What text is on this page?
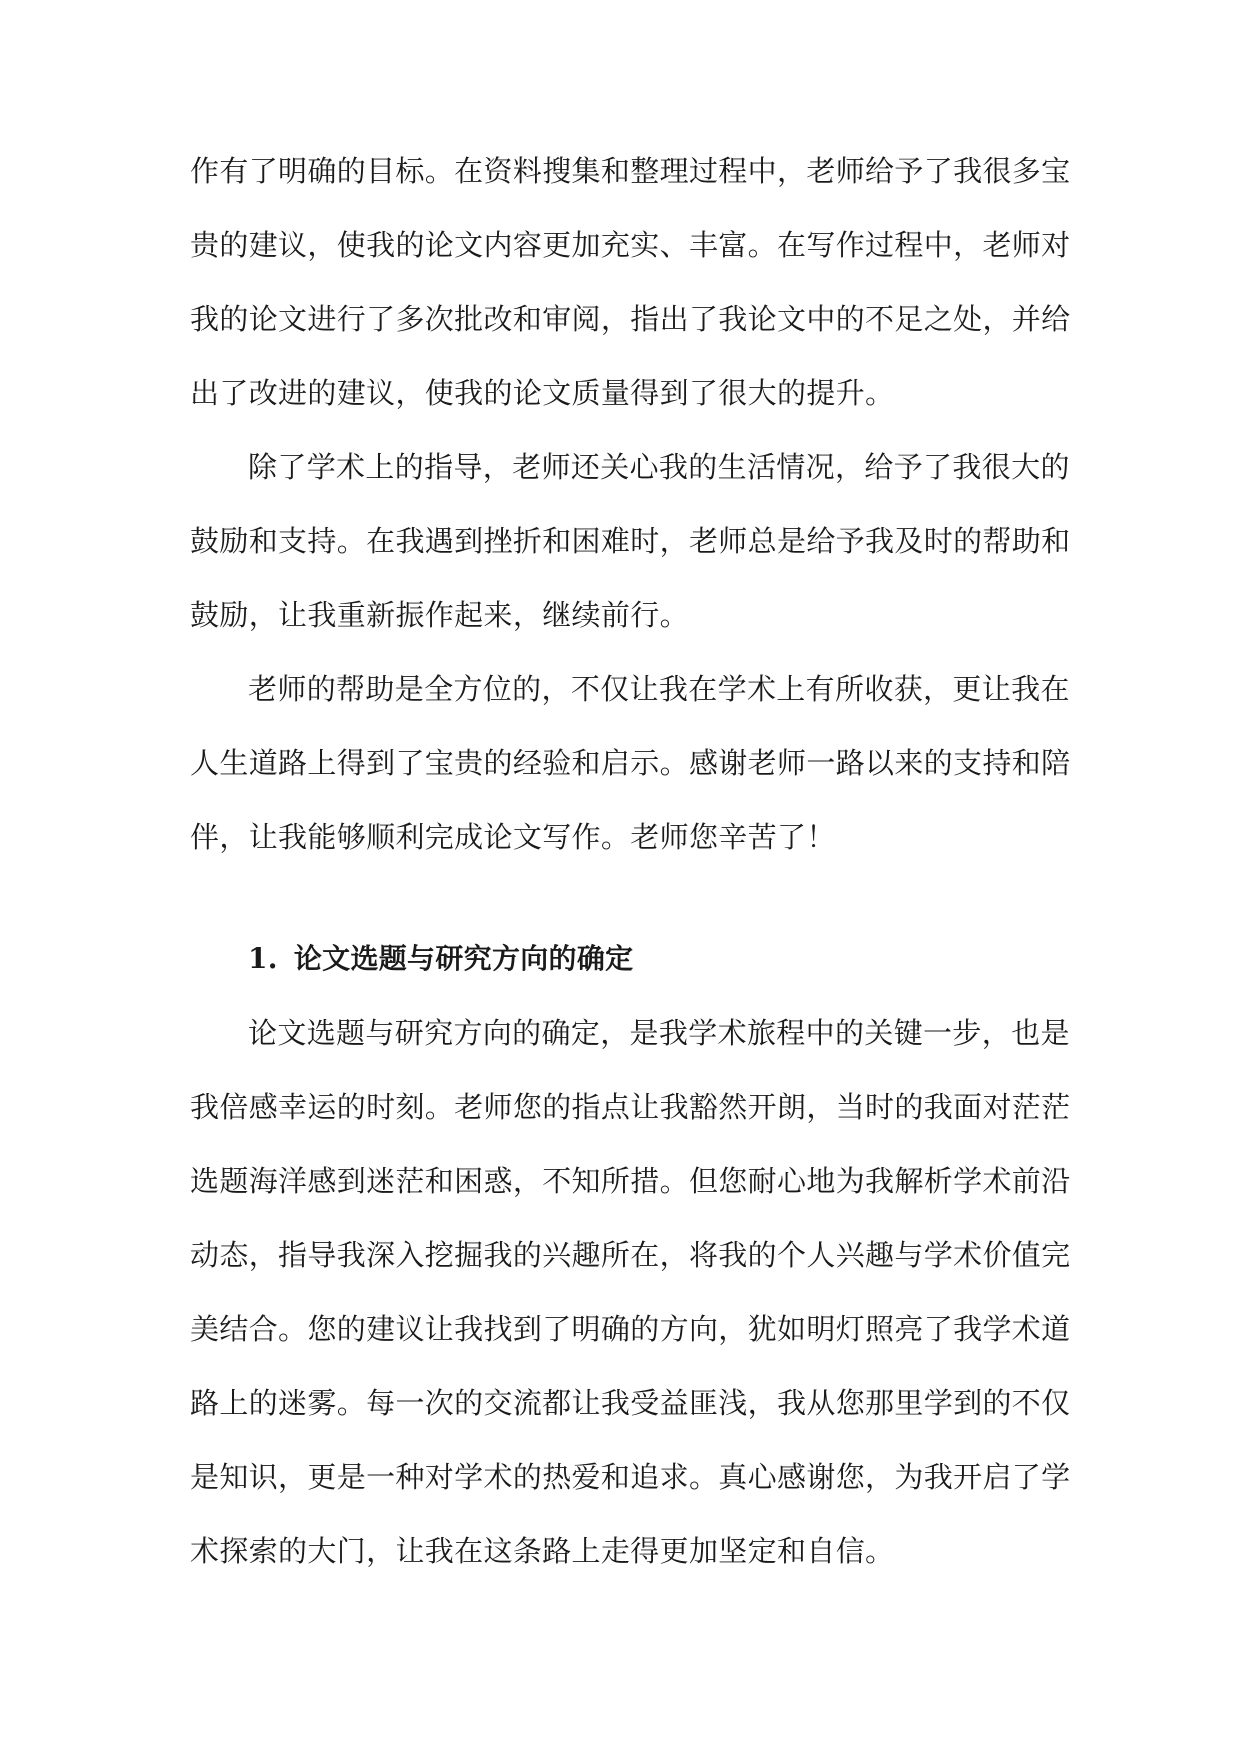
作有了明确的目标。在资料搜集和整理过程中，老师给予了我很多宝
贵的建议，使我的论文内容更加充实、丰富。在写作过程中，老师对
我的论文进行了多次批改和审阅，指出了我论文中的不足之处，并给
出了改进的建议，使我的论文质量得到了很大的提升。
除了学术上的指导，老师还关心我的生活情况，给予了我很大的
鼓励和支持。在我遇到挫折和困难时，老师总是给予我及时的帮助和
鼓励，让我重新振作起来，继续前行。
老师的帮助是全方位的，不仅让我在学术上有所收获，更让我在
人生道路上得到了宝贵的经验和启示。感谢老师一路以来的支持和陪
伴，让我能够顺利完成论文写作。老师您辛苦了！
1. 论文选题与研究方向的确定
论文选题与研究方向的确定，是我学术旅程中的关键一步，也是
我倍感幸运的时刻。老师您的指点让我豁然开朗，当时的我面对茫茫
选题海洋感到迷茫和困惑，不知所措。但您耐心地为我解析学术前沿
动态，指导我深入挖掘我的兴趣所在，将我的个人兴趣与学术价值完
美结合。您的建议让我找到了明确的方向，犹如明灯照亮了我学术道
路上的迷雾。每一次的交流都让我受益匪浅，我从您那里学到的不仅
是知识，更是一种对学术的热爱和追求。真心感谢您，为我开启了学
术探索的大门，让我在这条路上走得更加坚定和自信。
